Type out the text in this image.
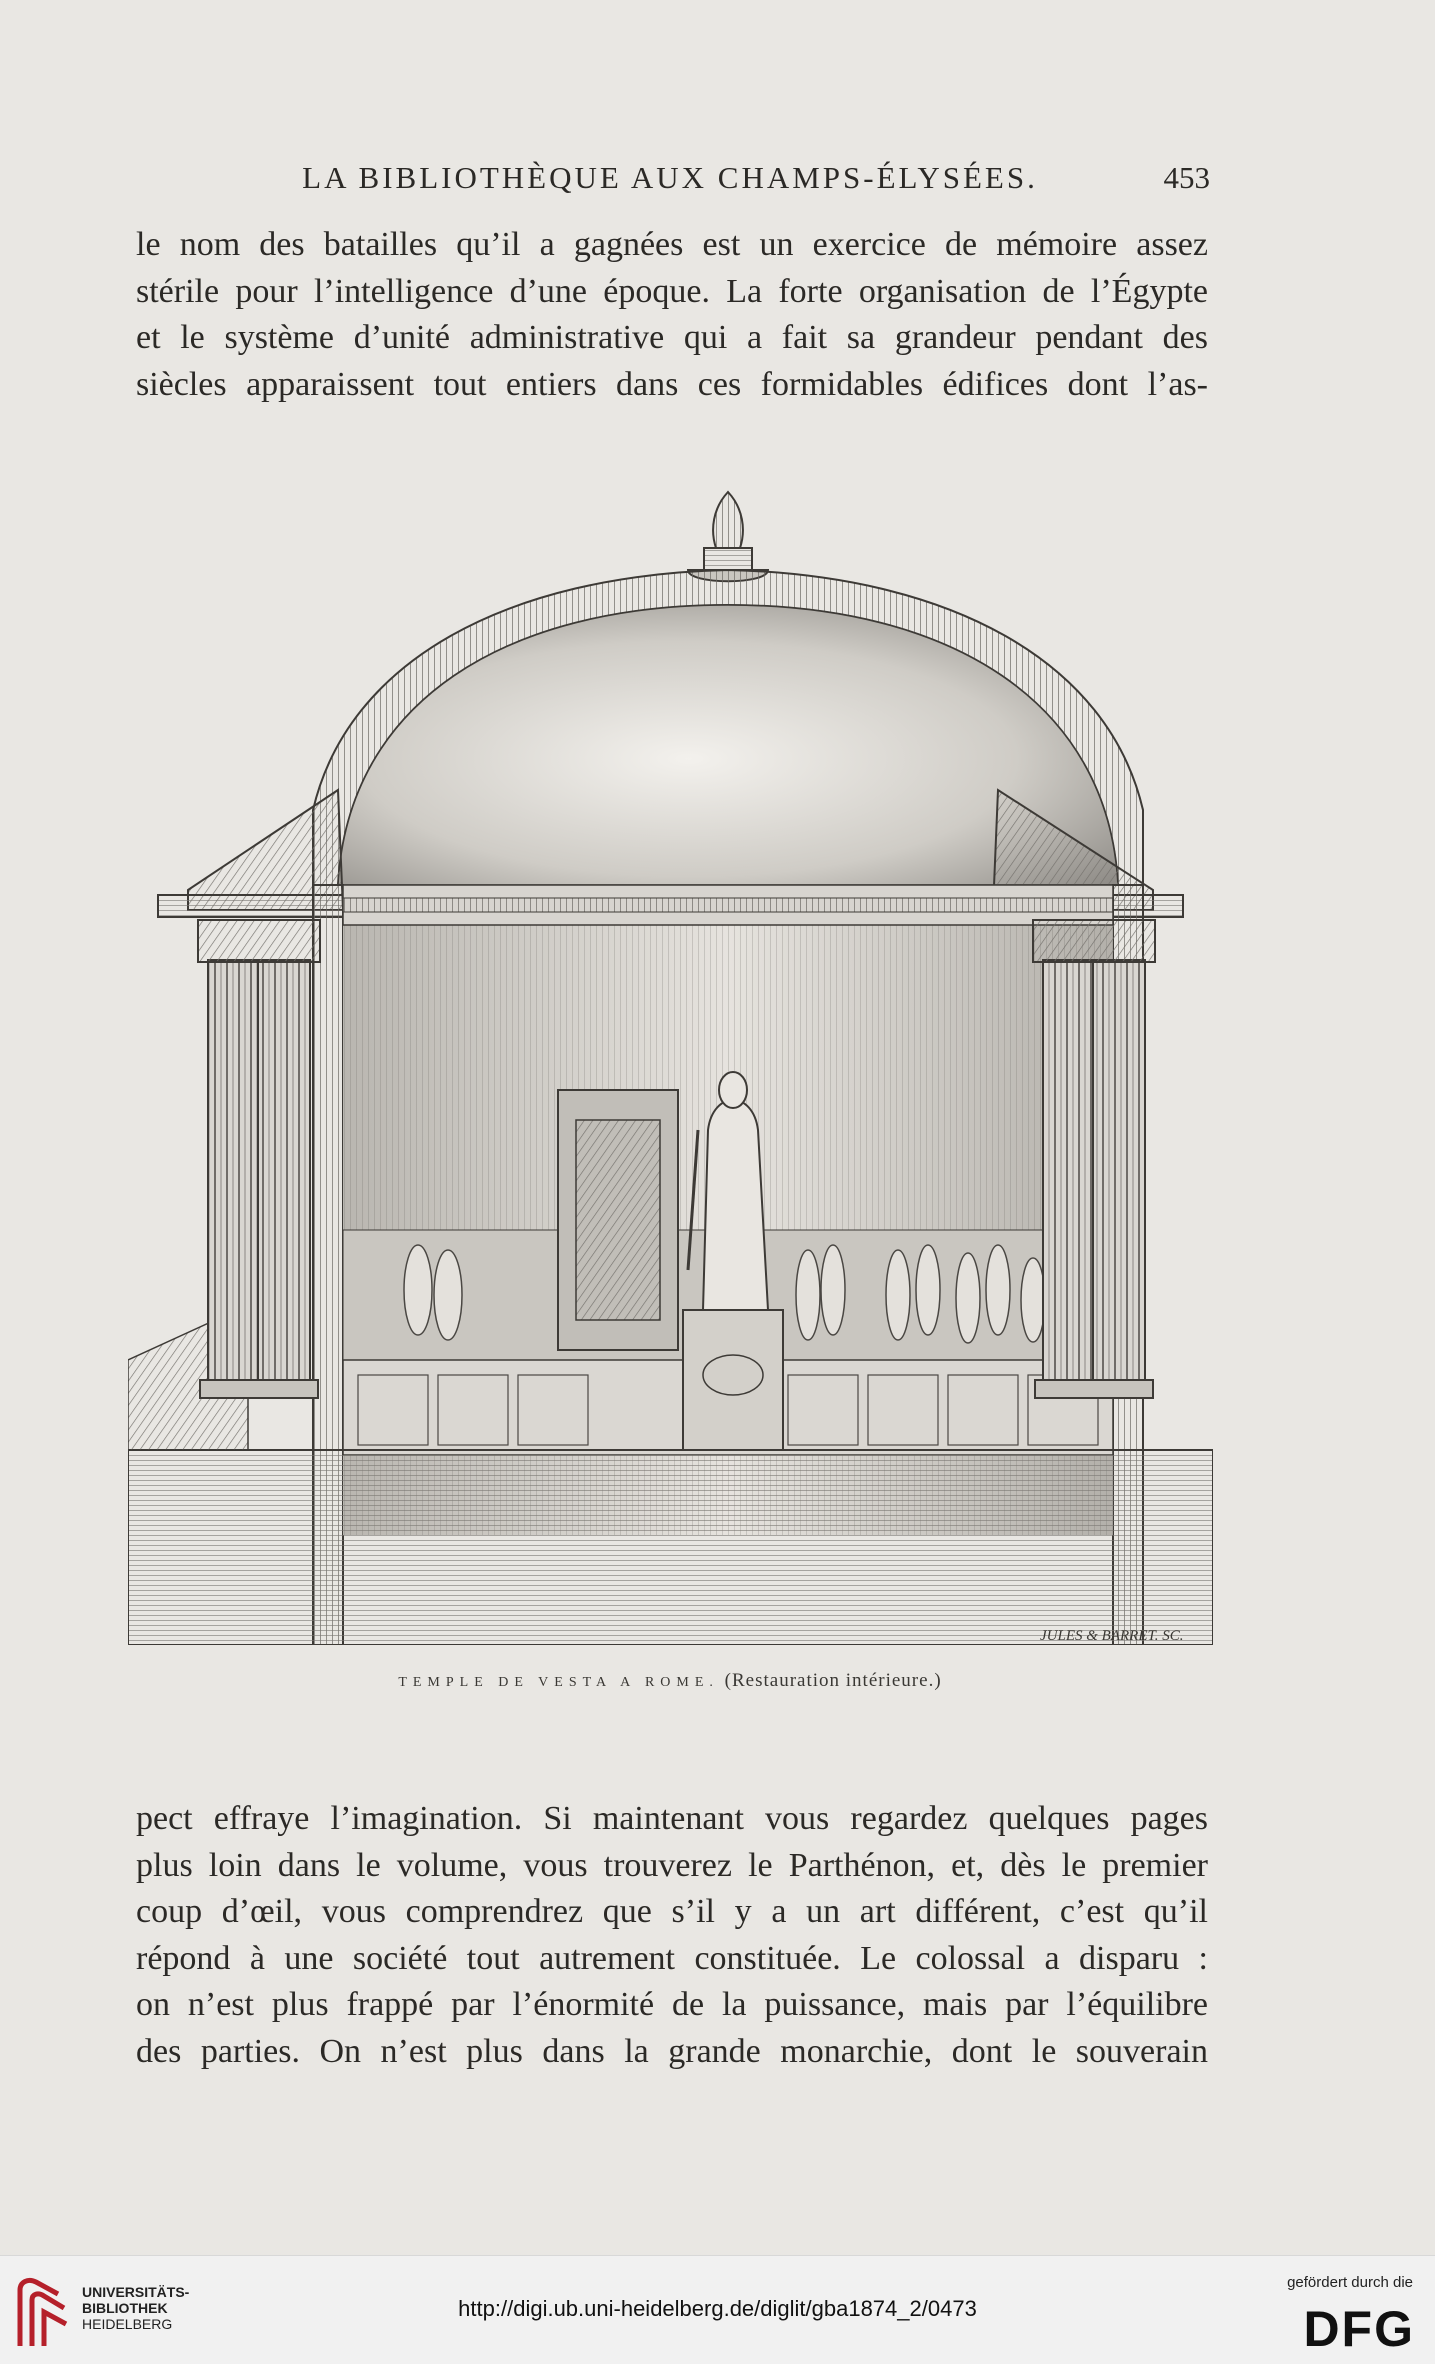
LA BIBLIOTHÈQUE AUX CHAMPS-ÉLYSÉES.	453
le nom des batailles qu’il a gagnées est un exercice de mémoire assez
stérile pour l’intelligence d’une époque. La forte organisation de l’Égypte
et le système d’unité administrative qui a fait sa grandeur pendant des
siècles apparaissent tout entiers dans ces formidables édifices dont l’as-
JULES & BARRET. SC.
TEMPLE DE VESTA A ROME. (Restauration intérieure.)
pect effraye l’imagination. Si maintenant vous regardez quelques pages
plus loin dans le volume, vous trouverez le Parthénon, et, dès le premier
coup d’œil, vous comprendrez que s’il y a un art différent, c’est qu’il
répond à une société tout autrement constituée. Le colossal a disparu :
on n’est plus frappé par l’énormité de la puissance, mais par l’équilibre
des parties. On n’est plus dans la grande monarchie, dont le souverain
UNIVERSITÄTS-
BIBLIOTHEK
HEIDELBERG
http://digi.ub.uni-heidelberg.de/diglit/gba1874_2/0473
gefördert durch die
DFG
